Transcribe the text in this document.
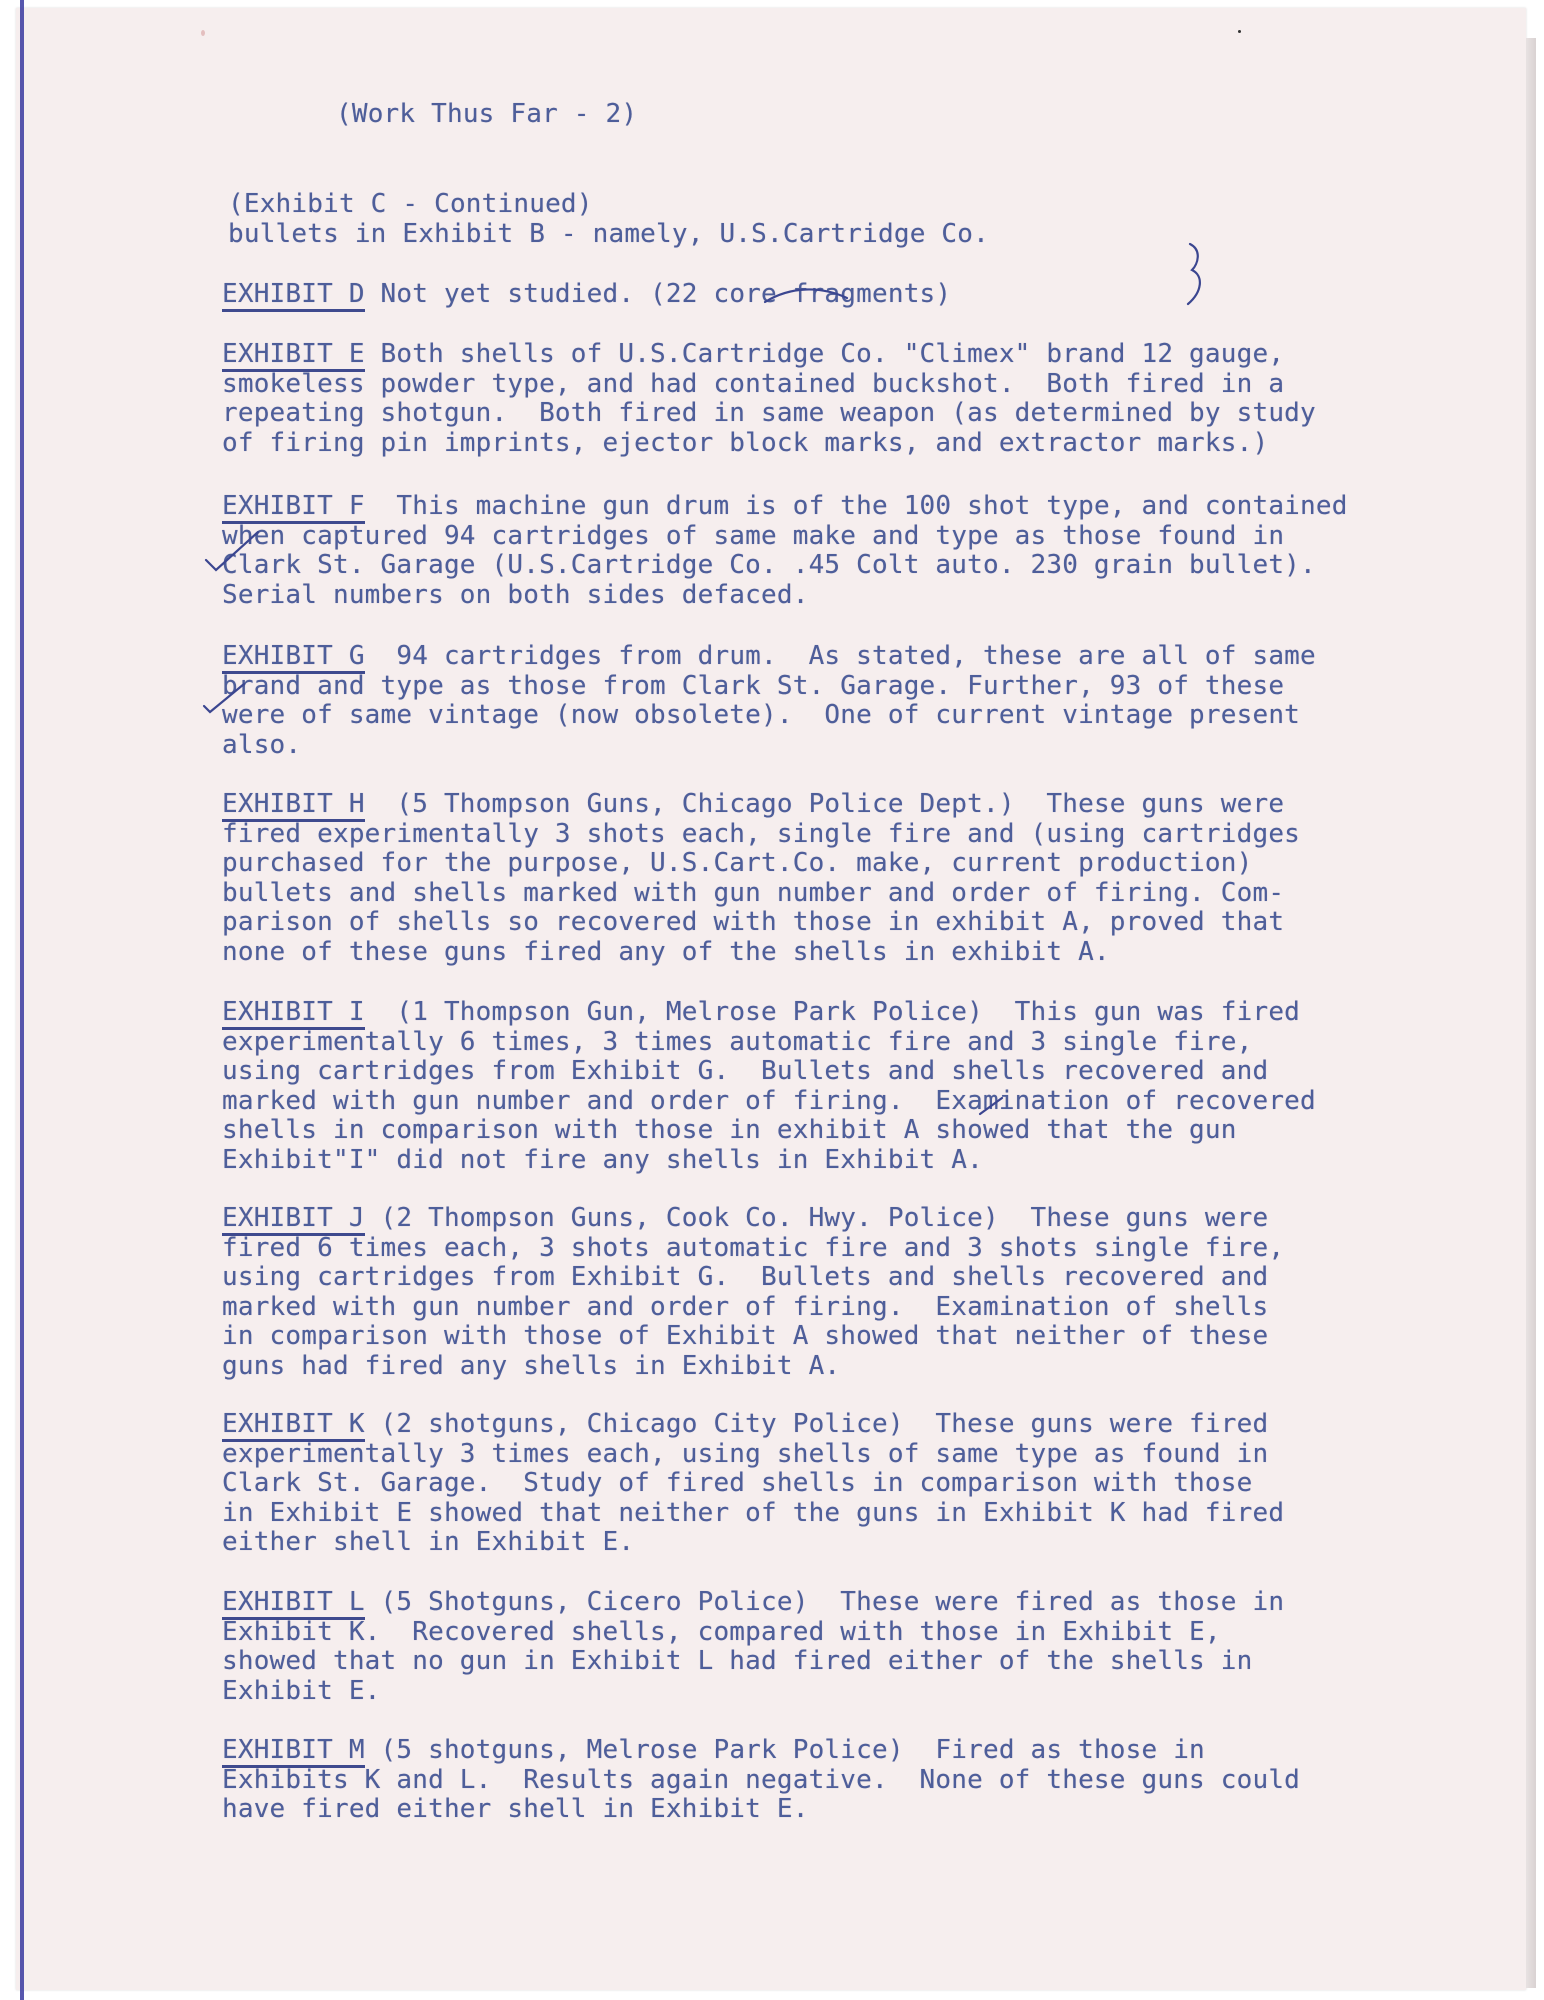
(Work Thus Far - 2)
(Exhibit C - Continued)
bullets in Exhibit B - namely, U.S.Cartridge Co.

EXHIBIT D Not yet studied. (22 core fragments)

EXHIBIT E Both shells of U.S.Cartridge Co. "Climex" brand 12 gauge,
smokeless powder type, and had contained buckshot.  Both fired in a
repeating shotgun.  Both fired in same weapon (as determined by study
of firing pin imprints, ejector block marks, and extractor marks.)

EXHIBIT F  This machine gun drum is of the 100 shot type, and contained
when captured 94 cartridges of same make and type as those found in
Clark St. Garage (U.S.Cartridge Co. .45 Colt auto. 230 grain bullet).
Serial numbers on both sides defaced.

EXHIBIT G  94 cartridges from drum.  As stated, these are all of same
brand and type as those from Clark St. Garage. Further, 93 of these
were of same vintage (now obsolete).  One of current vintage present
also.

EXHIBIT H  (5 Thompson Guns, Chicago Police Dept.)  These guns were
fired experimentally 3 shots each, single fire and (using cartridges
purchased for the purpose, U.S.Cart.Co. make, current production)
bullets and shells marked with gun number and order of firing. Com-
parison of shells so recovered with those in exhibit A, proved that
none of these guns fired any of the shells in exhibit A.

EXHIBIT I  (1 Thompson Gun, Melrose Park Police)  This gun was fired
experimentally 6 times, 3 times automatic fire and 3 single fire,
using cartridges from Exhibit G.  Bullets and shells recovered and
marked with gun number and order of firing.  Examination of recovered
shells in comparison with those in exhibit A showed that the gun
Exhibit"I" did not fire any shells in Exhibit A.

EXHIBIT J (2 Thompson Guns, Cook Co. Hwy. Police)  These guns were
fired 6 times each, 3 shots automatic fire and 3 shots single fire,
using cartridges from Exhibit G.  Bullets and shells recovered and
marked with gun number and order of firing.  Examination of shells
in comparison with those of Exhibit A showed that neither of these
guns had fired any shells in Exhibit A.

EXHIBIT K (2 shotguns, Chicago City Police)  These guns were fired
experimentally 3 times each, using shells of same type as found in
Clark St. Garage.  Study of fired shells in comparison with those
in Exhibit E showed that neither of the guns in Exhibit K had fired
either shell in Exhibit E.

EXHIBIT L (5 Shotguns, Cicero Police)  These were fired as those in
Exhibit K.  Recovered shells, compared with those in Exhibit E,
showed that no gun in Exhibit L had fired either of the shells in
Exhibit E.

EXHIBIT M (5 shotguns, Melrose Park Police)  Fired as those in
Exhibits K and L.  Results again negative.  None of these guns could
have fired either shell in Exhibit E.
